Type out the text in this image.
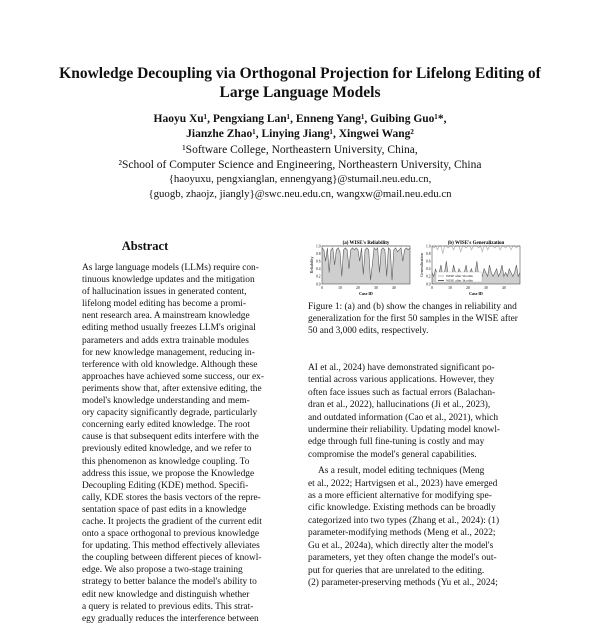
Knowledge Decoupling via Orthogonal Projection for Lifelong Editing of
Large Language Models
Haoyu Xu¹, Pengxiang Lan¹, Enneng Yang¹, Guibing Guo¹*,
Jianzhe Zhao¹, Linying Jiang¹, Xingwei Wang²
¹Software College, Northeastern University, China,
²School of Computer Science and Engineering, Northeastern University, China
{haoyuxu, pengxianglan, ennengyang}@stumail.neu.edu.cn,
{guogb, zhaojz, jiangly}@swc.neu.edu.cn, wangxw@mail.neu.edu.cn
Abstract
As large language models (LLMs) require con-
tinuous knowledge updates and the mitigation
of hallucination issues in generated content,
lifelong model editing has become a promi-
nent research area. A mainstream knowledge
editing method usually freezes LLM's original
parameters and adds extra trainable modules
for new knowledge management, reducing in-
terference with old knowledge. Although these
approaches have achieved some success, our ex-
periments show that, after extensive editing, the
model's knowledge understanding and mem-
ory capacity significantly degrade, particularly
concerning early edited knowledge. The root
cause is that subsequent edits interfere with the
previously edited knowledge, and we refer to
this phenomenon as knowledge coupling. To
address this issue, we propose the Knowledge
Decoupling Editing (KDE) method. Specifi-
cally, KDE stores the basis vectors of the repre-
sentation space of past edits in a knowledge
cache. It projects the gradient of the current edit
onto a space orthogonal to previous knowledge
for updating. This method effectively alleviates
the coupling between different pieces of knowl-
edge. We also propose a two-stage training
strategy to better balance the model's ability to
edit new knowledge and distinguish whether
a query is related to previous edits. This strat-
egy gradually reduces the interference between
(a) WISE's Reliability
Reliability
Case ID
1.0
0.8
0.6
0.4
0.2
0.0
0	10	20	30	40
(b) WISE's Generalization
Generalization
Case ID
1.0
0.8
0.6
0.4
0.2
0.0
0	10	20	30	40
WISE after 50 edits
WISE after 3k edits
Figure 1: (a) and (b) show the changes in reliability and
generalization for the first 50 samples in the WISE after
50 and 3,000 edits, respectively.
AI et al., 2024) have demonstrated significant po-
tential across various applications. However, they
often face issues such as factual errors (Balachan-
dran et al., 2022), hallucinations (Ji et al., 2023),
and outdated information (Cao et al., 2021), which
undermine their reliability. Updating model knowl-
edge through full fine-tuning is costly and may
compromise the model's general capabilities.
As a result, model editing techniques (Meng
et al., 2022; Hartvigsen et al., 2023) have emerged
as a more efficient alternative for modifying spe-
cific knowledge. Existing methods can be broadly
categorized into two types (Zhang et al., 2024): (1)
parameter-modifying methods (Meng et al., 2022;
Gu et al., 2024a), which directly alter the model's
parameters, yet they often change the model's out-
put for queries that are unrelated to the editing.
(2) parameter-preserving methods (Yu et al., 2024;
